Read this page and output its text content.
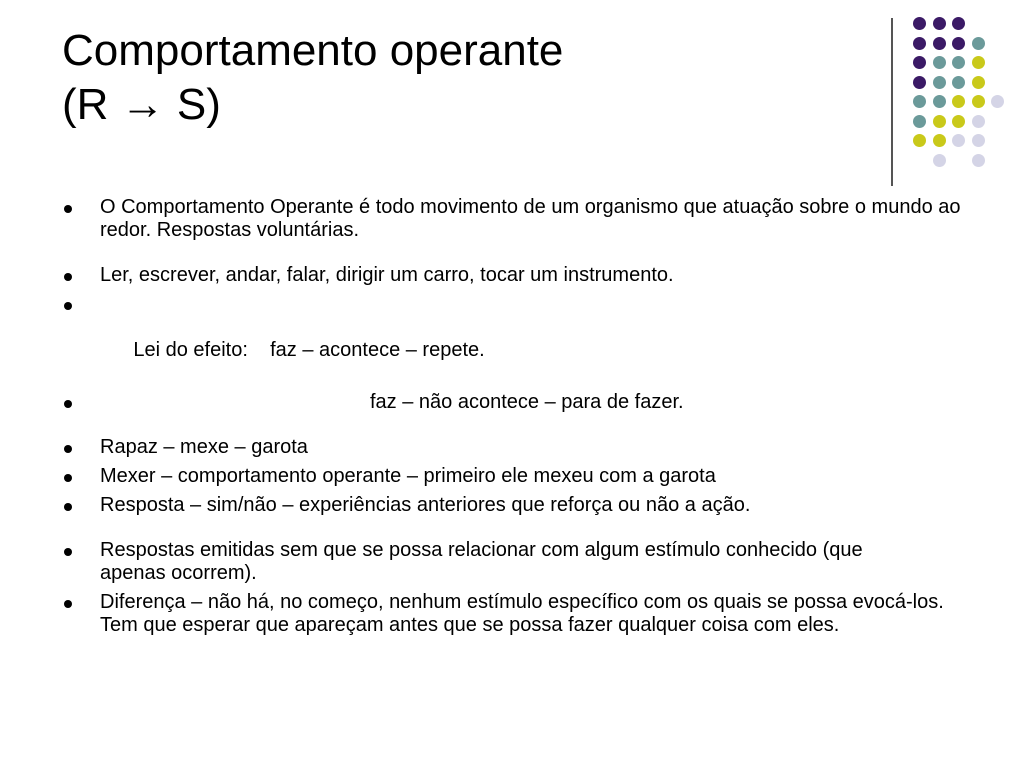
Comportamento operante
(R → S)
O Comportamento Operante é todo movimento de um organismo que atuação sobre o mundo ao redor. Respostas voluntárias.
Ler, escrever, andar, falar, dirigir um carro, tocar um instrumento.

Lei do efeito:    faz – acontece – repete.

faz – não acontece – para de fazer.
Rapaz – mexe – garota
Mexer – comportamento operante – primeiro ele mexeu com a garota
Resposta – sim/não – experiências anteriores que reforça ou não a ação.
Respostas emitidas sem que se possa relacionar com algum estímulo conhecido (que apenas ocorrem).
Diferença – não há, no começo, nenhum estímulo específico com os quais se possa evocá-los. Tem que esperar que apareçam antes que se possa fazer qualquer coisa com eles.
